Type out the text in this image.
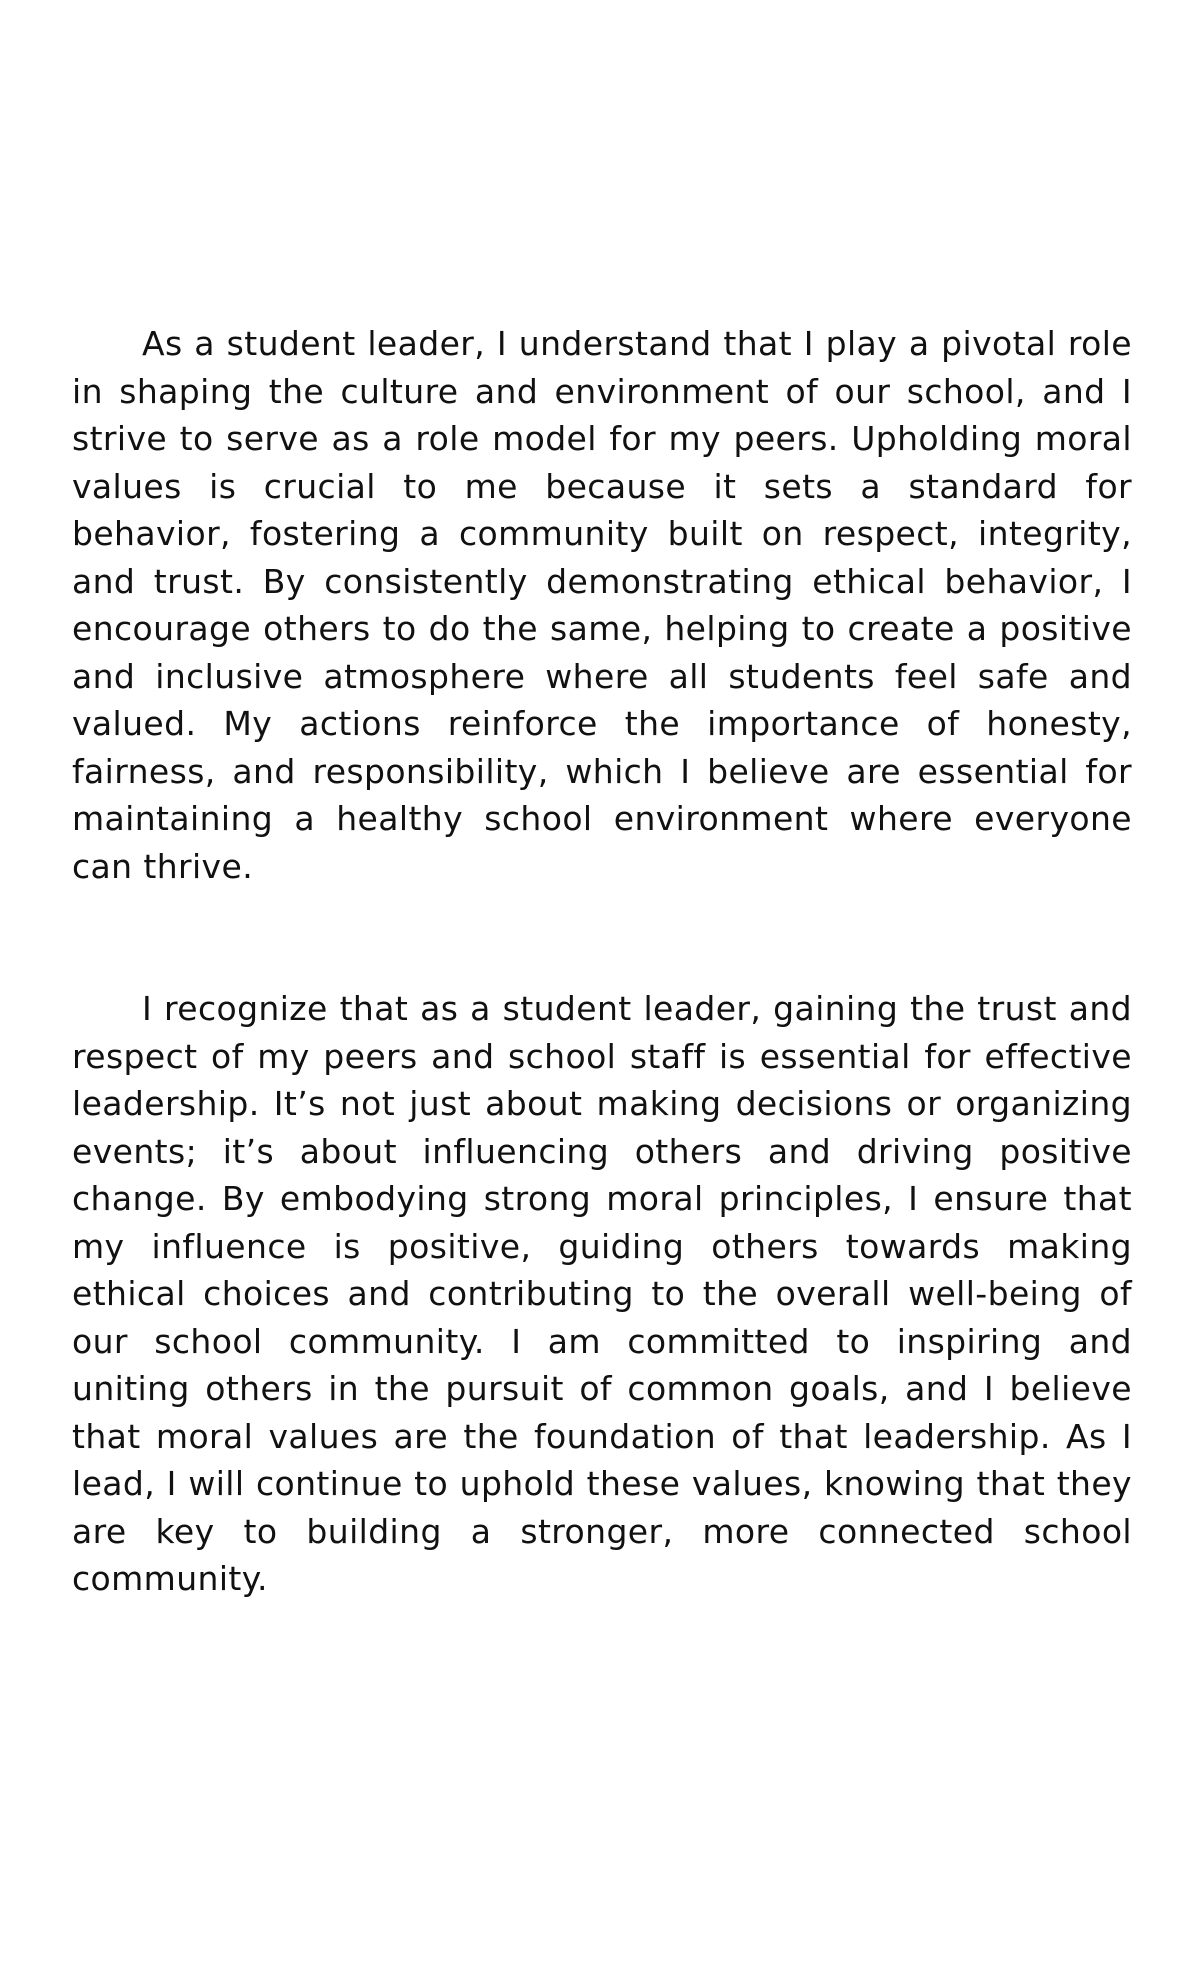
As a student leader, I understand that I play a pivotal role in shaping the culture and environment of our school, and I strive to serve as a role model for my peers. Upholding moral values is crucial to me because it sets a standard for behavior, fostering a community built on respect, integrity, and trust. By consistently demonstrating ethical behavior, I encourage others to do the same, helping to create a positive and inclusive atmosphere where all students feel safe and valued. My actions reinforce the importance of honesty, fairness, and responsibility, which I believe are essential for maintaining a healthy school environment where everyone can thrive.

I recognize that as a student leader, gaining the trust and respect of my peers and school staff is essential for effective leadership. It’s not just about making decisions or organizing events; it’s about influencing others and driving positive change. By embodying strong moral principles, I ensure that my influence is positive, guiding others towards making ethical choices and contributing to the overall well-being of our school community. I am committed to inspiring and uniting others in the pursuit of common goals, and I believe that moral values are the foundation of that leadership. As I lead, I will continue to uphold these values, knowing that they are key to building a stronger, more connected school community.
